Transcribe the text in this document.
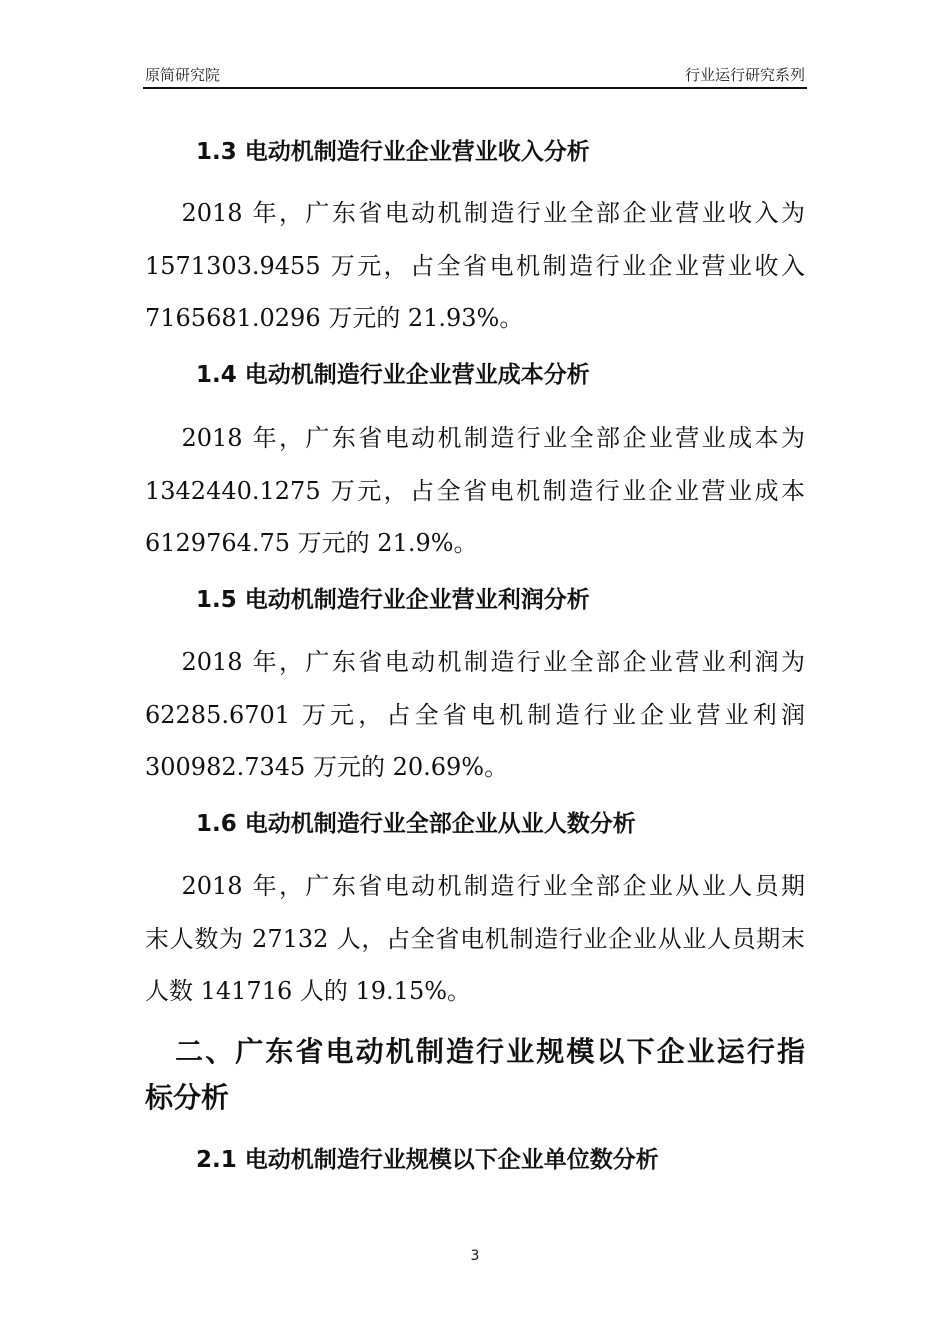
原简研究院	行业运行研究系列
1.3 电动机制造行业企业营业收入分析
　 2018 年，广东省电动机制造行业全部企业营业收入为
1571303.9455 万元，占全省电机制造行业企业营业收入
7165681.0296 万元的 21.93%。
1.4 电动机制造行业企业营业成本分析
　 2018 年，广东省电动机制造行业全部企业营业成本为
1342440.1275 万元，占全省电机制造行业企业营业成本
6129764.75 万元的 21.9%。
1.5 电动机制造行业企业营业利润分析
　 2018 年，广东省电动机制造行业全部企业营业利润为
62285.6701 万元，占全省电机制造行业企业营业利润
300982.7345 万元的 20.69%。
1.6 电动机制造行业全部企业从业人数分析
　 2018 年，广东省电动机制造行业全部企业从业人员期
末人数为 27132 人，占全省电机制造行业企业从业人员期末
人数 141716 人的 19.15%。
　二、广东省电动机制造行业规模以下企业运行指
标分析
2.1 电动机制造行业规模以下企业单位数分析
3
